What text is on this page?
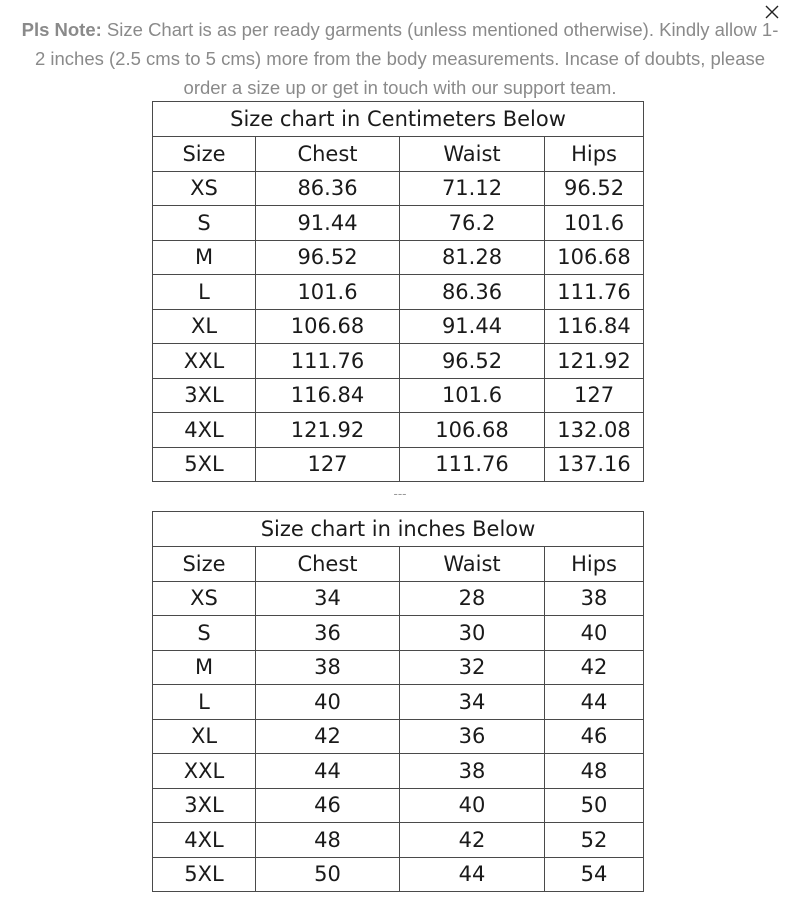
Pls Note: Size Chart is as per ready garments (unless mentioned otherwise). Kindly allow 1-2 inches (2.5 cms to 5 cms) more from the body measurements. Incase of doubts, please order a size up or get in touch with our support team.
Size chart in Centimeters Below			
Size	Chest	Waist	Hips
XS	86.36	71.12	96.52
S	91.44	76.2	101.6
M	96.52	81.28	106.68
L	101.6	86.36	111.76
XL	106.68	91.44	116.84
XXL	111.76	96.52	121.92
3XL	116.84	101.6	127
4XL	121.92	106.68	132.08
5XL	127	111.76	137.16
---
Size chart in inches Below			
Size	Chest	Waist	Hips
XS	34	28	38
S	36	30	40
M	38	32	42
L	40	34	44
XL	42	36	46
XXL	44	38	48
3XL	46	40	50
4XL	48	42	52
5XL	50	44	54
